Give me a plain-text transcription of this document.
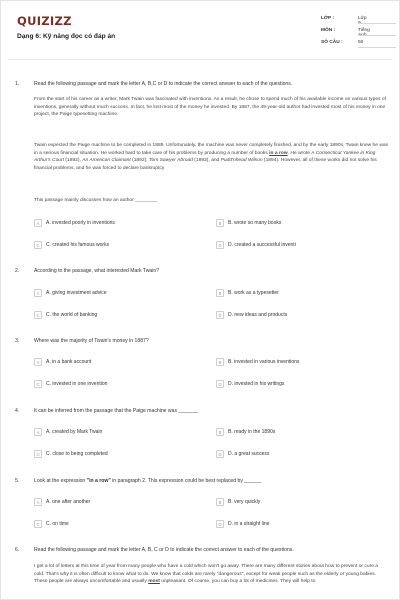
QUIZIZZ
Dạng 6: Kỹ năng đọc có đáp án
LỚP :	Lớp 9
MÔN :	Tiếng Anh
SỐ CÂU :	50
1.	Read the following passage and mark the letter A, B,C or D to indicate the correct answer to each of the questions.
From the start of his career as a writer, Mark Twain was fascinated with inventions. As a result, he chose to spend much of his available income on various types of inventions, generally without much success. In fact, he lost most of the money he invested. By 1887, the 49-year-old author had invested most of his money in one project, the Paige typesetting machine.
Twain expected the Paige machine to be completed in 1889. Unfortunately, the machine was never completely finished, and by the early 1890s, Twain knew he was in a serious financial situation. He worked hard to take care of his problems by producing a number of books in a row. He wrote A Connecticut Yankee in King Arthur's Court (1892), An American Claimant (1892), Tom Sawyer Abroad (1893), and Pudd'nhead Wilson (1894). However, all of these works did not solve his financial problems, and he was forced to declare bankruptcy
This passage mainly discusses how an author ________
A	A. invested poorly in inventions	B	B. wrote so many books
C	C. created his famous works	D	D. created a successful inventi
2.	According to the passage, what interested Mark Twain?
A	A. giving investment advice	B	B. work as a typesetter
C	C. the world of banking	D	D. new ideas and products
3.	Where was the majority of Twain's money in 1887?
A	A. in a bank account	B	B. invested in various inventions
C	C. invested in one invention	D	D. invested in his writings
4.	It can be inferred from the passage that the Paige machine was _______
A	A. created by Mark Twain	B	B. ready in the 1890s
C	C. close to being completed	D	D. a great success
5.	Look at the expression "in a row" in paragraph 2. This expression could be best replaced by ______
A	A. one after another	B	B. very quickly
C	C. on time	D	D. in a straight line
6.	Read the following passage and mark the letter A, B, C or D to indicate the correct answer to each of the questions.
I get a lot of letters at this time of year from many people who have a cold which won't go away. There are many different stories about how to prevent or cure a cold. That's why it is often difficult to know what to do. We know that colds are rarely "dangerous", except for weak people such as the elderly or young babies. These people are always uncomfortable and usually most unpleasant. Of course, you can buy a lot of medicines. They will help to
